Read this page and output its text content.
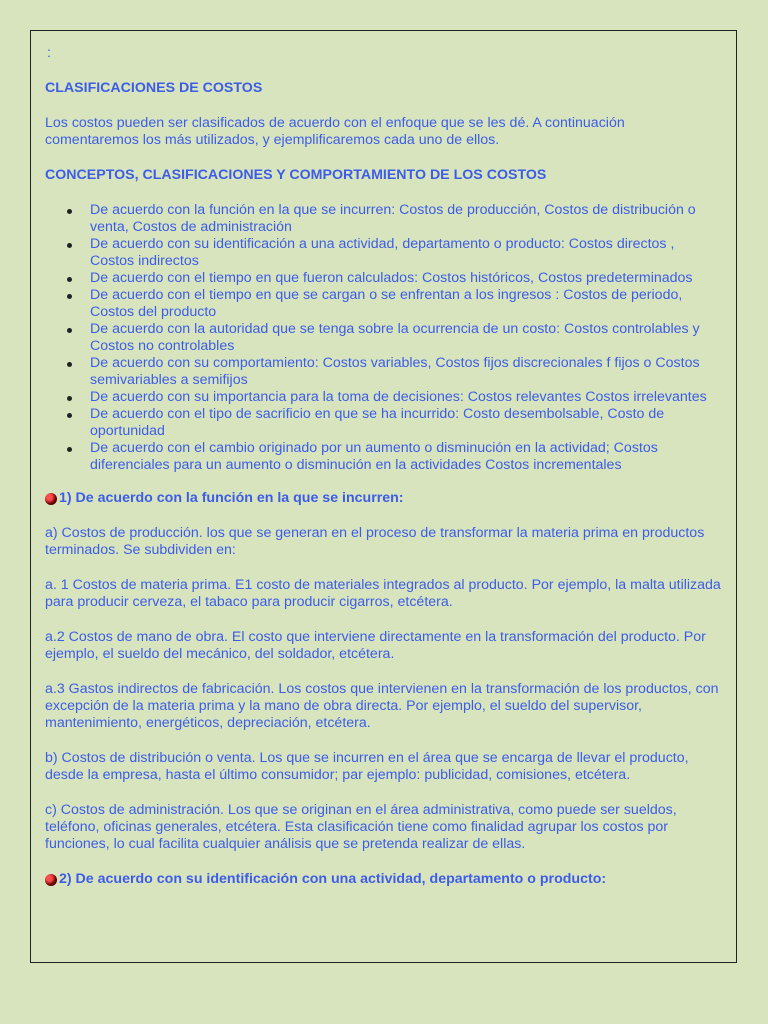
:
CLASIFICACIONES DE COSTOS

Los costos pueden ser clasificados de acuerdo con el enfoque que se les dé. A continuación comentaremos los más utilizados, y ejemplificaremos cada uno de ellos.

CONCEPTOS, CLASIFICACIONES Y COMPORTAMIENTO DE LOS COSTOS
De acuerdo con la función en la que se incurren: Costos de producción, Costos de distribución o venta, Costos de administración
De acuerdo con su identificación a una actividad, departamento o producto: Costos directos , Costos indirectos
De acuerdo con el tiempo en que fueron calculados: Costos históricos, Costos predeterminados
De acuerdo con el tiempo en que se cargan o se enfrentan a los ingresos : Costos de periodo, Costos del producto
De acuerdo con la autoridad que se tenga sobre la ocurrencia de un costo: Costos controlables y Costos no controlables
De acuerdo con su comportamiento: Costos variables, Costos fijos discrecionales f fijos o Costos semivariables a semifijos
De acuerdo con su importancia para la toma de decisiones: Costos relevantes Costos irrelevantes
De acuerdo con el tipo de sacrificio en que se ha incurrido: Costo desembolsable, Costo de oportunidad
De acuerdo con el cambio originado por un aumento o disminución en la actividad; Costos diferenciales para un aumento o disminución en la actividades Costos incrementales
1) De acuerdo con la función en la que se incurren:

a) Costos de producción. los que se generan en el proceso de transformar la materia prima en productos terminados. Se subdividen en:

a. 1 Costos de materia prima. E1 costo de materiales integrados al producto. Por ejemplo, la malta utilizada para producir cerveza, el tabaco para producir cigarros, etcétera.

a.2 Costos de mano de obra. El costo que interviene directamente en la transformación del producto. Por ejemplo, el sueldo del mecánico, del soldador, etcétera.

a.3 Gastos indirectos de fabricación. Los costos que intervienen en la transformación de los productos, con excepción de la materia prima y la mano de obra directa. Por ejemplo, el sueldo del supervisor, mantenimiento, energéticos, depreciación, etcétera.

b) Costos de distribución o venta. Los que se incurren en el área que se encarga de llevar el producto, desde la empresa, hasta el último consumidor; par ejemplo: publicidad, comisiones, etcétera.

c) Costos de administración. Los que se originan en el área administrativa, como puede ser sueldos, teléfono, oficinas generales, etcétera. Esta clasificación tiene como finalidad agrupar los costos por funciones, lo cual facilita cualquier análisis que se pretenda realizar de ellas.

2) De acuerdo con su identificación con una actividad, departamento o producto:
